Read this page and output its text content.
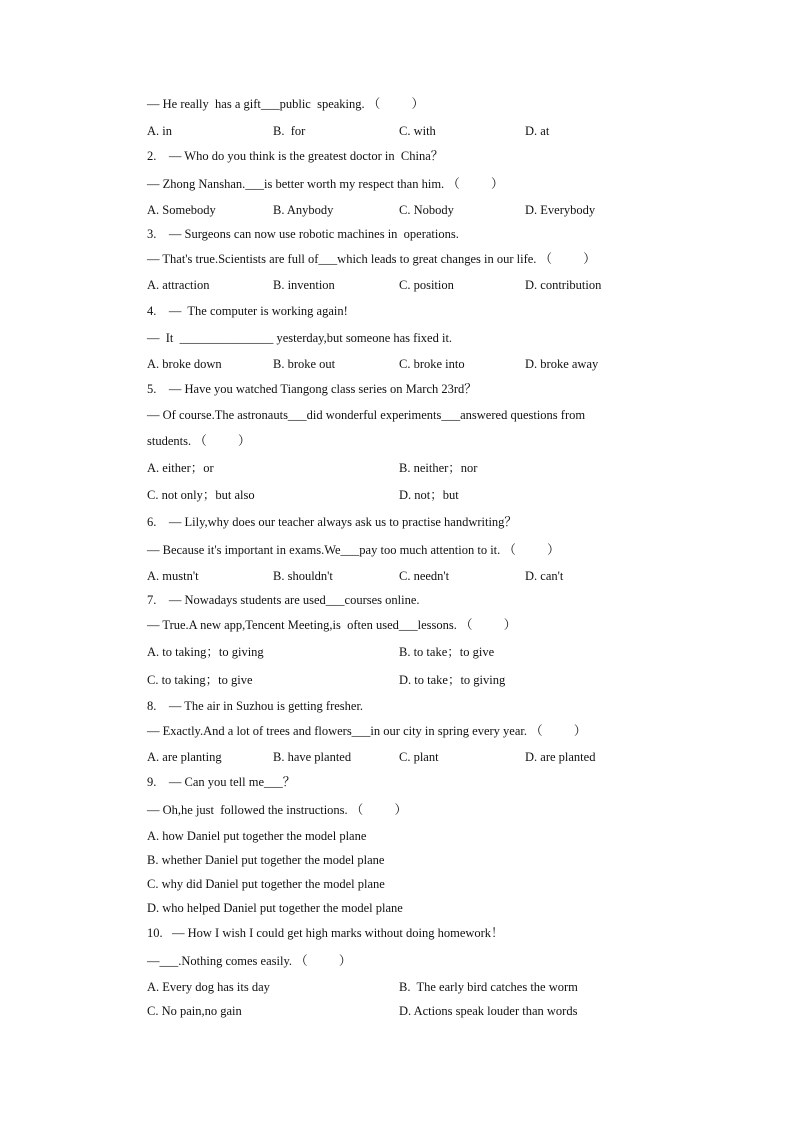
— He really  has a gift___public  speaking. （          ）
A. in	B.  for	C. with	D. at
2.    — Who do you think is the greatest doctor in  China？
— Zhong Nanshan.___is better worth my respect than him. （          ）
A. Somebody	B. Anybody	C. Nobody	D. Everybody
3.    — Surgeons can now use robotic machines in  operations.
— That's true.Scientists are full of___which leads to great changes in our life. （          ）
A. attraction	B. invention	C. position	D. contribution
4.    —  The computer is working again!
—  It  _______________ yesterday,but someone has fixed it.
A. broke down	B. broke out	C. broke into	D. broke away
5.    — Have you watched Tiangong class series on March 23rd？
— Of course.The astronauts___did wonderful experiments___answered questions from
students. （          ）
A. either；or	B. neither；nor
C. not only；but also	D. not；but
6.    — Lily,why does our teacher always ask us to practise handwriting？
— Because it's important in exams.We___pay too much attention to it. （          ）
A. mustn't	B. shouldn't	C. needn't	D. can't
7.    — Nowadays students are used___courses online.
— True.A new app,Tencent Meeting,is  often used___lessons. （          ）
A. to taking；to giving	B. to take；to give
C. to taking；to give	D. to take；to giving
8.    — The air in Suzhou is getting fresher.
— Exactly.And a lot of trees and flowers___in our city in spring every year. （          ）
A. are planting	B. have planted	C. plant	D. are planted
9.    — Can you tell me___？
— Oh,he just  followed the instructions. （          ）
A. how Daniel put together the model plane
B. whether Daniel put together the model plane
C. why did Daniel put together the model plane
D. who helped Daniel put together the model plane
10.   — How I wish I could get high marks without doing homework！
—___.Nothing comes easily. （          ）
A. Every dog has its day	B.  The early bird catches the worm
C. No pain,no gain	D. Actions speak louder than words
